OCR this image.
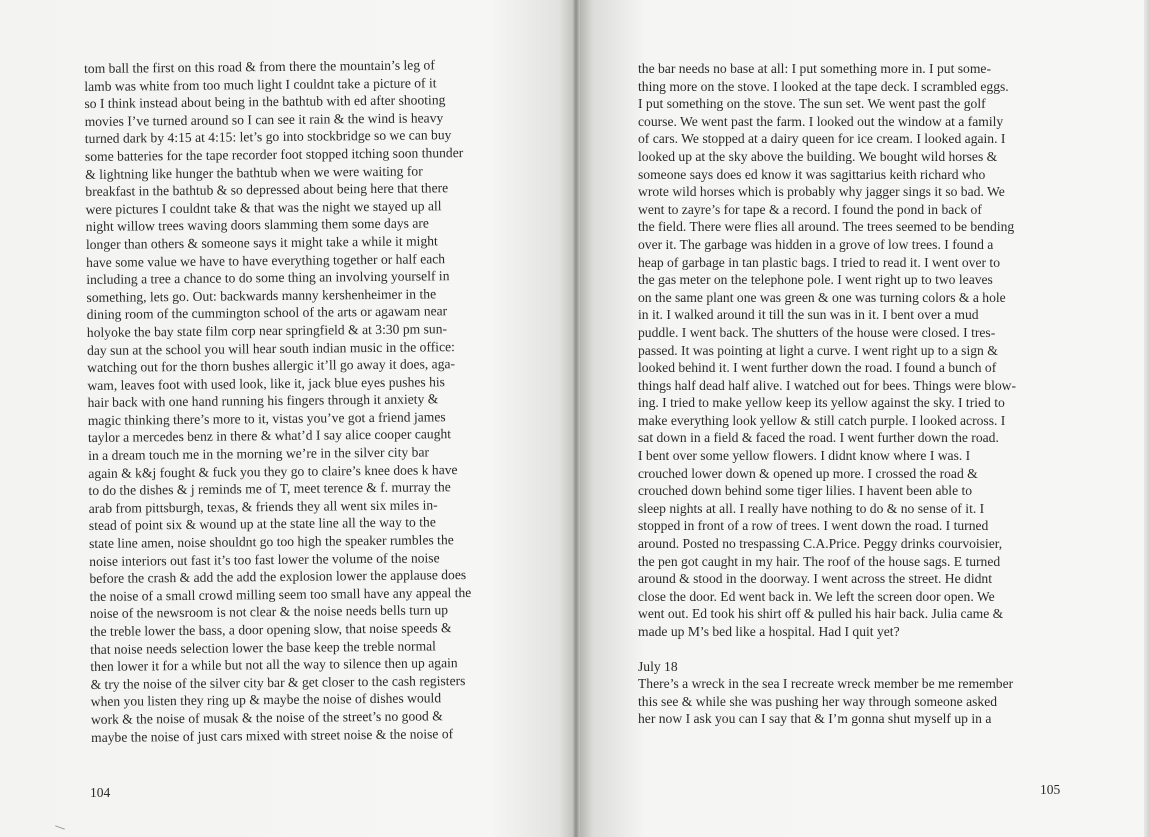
tom ball the first on this road & from there the mountain’s leg of
lamb was white from too much light I couldnt take a picture of it
so I think instead about being in the bathtub with ed after shooting
movies I’ve turned around so I can see it rain & the wind is heavy
turned dark by 4:15 at 4:15: let’s go into stockbridge so we can buy
some batteries for the tape recorder foot stopped itching soon thunder
& lightning like hunger the bathtub when we were waiting for
breakfast in the bathtub & so depressed about being here that there
were pictures I couldnt take & that was the night we stayed up all
night willow trees waving doors slamming them some days are
longer than others & someone says it might take a while it might
have some value we have to have everything together or half each
including a tree a chance to do some thing an involving yourself in
something, lets go. Out: backwards manny kershenheimer in the
dining room of the cummington school of the arts or agawam near
holyoke the bay state film corp near springfield & at 3:30 pm sun-
day sun at the school you will hear south indian music in the office:
watching out for the thorn bushes allergic it’ll go away it does, aga-
wam, leaves foot with used look, like it, jack blue eyes pushes his
hair back with one hand running his fingers through it anxiety &
magic thinking there’s more to it, vistas you’ve got a friend james
taylor a mercedes benz in there & what’d I say alice cooper caught
in a dream touch me in the morning we’re in the silver city bar
again & k&j fought & fuck you they go to claire’s knee does k have
to do the dishes & j reminds me of T, meet terence & f. murray the
arab from pittsburgh, texas, & friends they all went six miles in-
stead of point six & wound up at the state line all the way to the
state line amen, noise shouldnt go too high the speaker rumbles the
noise interiors out fast it’s too fast lower the volume of the noise
before the crash & add the add the explosion lower the applause does
the noise of a small crowd milling seem too small have any appeal the
noise of the newsroom is not clear & the noise needs bells turn up
the treble lower the bass, a door opening slow, that noise speeds &
that noise needs selection lower the base keep the treble normal
then lower it for a while but not all the way to silence then up again
& try the noise of the silver city bar & get closer to the cash registers
when you listen they ring up & maybe the noise of dishes would
work & the noise of musak & the noise of the street’s no good &
maybe the noise of just cars mixed with street noise & the noise of
104
the bar needs no base at all: I put something more in. I put some-
thing more on the stove. I looked at the tape deck. I scrambled eggs.
I put something on the stove. The sun set. We went past the golf
course. We went past the farm. I looked out the window at a family
of cars. We stopped at a dairy queen for ice cream. I looked again. I
looked up at the sky above the building. We bought wild horses &
someone says does ed know it was sagittarius keith richard who
wrote wild horses which is probably why jagger sings it so bad. We
went to zayre’s for tape & a record. I found the pond in back of
the field. There were flies all around. The trees seemed to be bending
over it. The garbage was hidden in a grove of low trees. I found a
heap of garbage in tan plastic bags. I tried to read it. I went over to
the gas meter on the telephone pole. I went right up to two leaves
on the same plant one was green & one was turning colors & a hole
in it. I walked around it till the sun was in it. I bent over a mud
puddle. I went back. The shutters of the house were closed. I tres-
passed. It was pointing at light a curve. I went right up to a sign &
looked behind it. I went further down the road. I found a bunch of
things half dead half alive. I watched out for bees. Things were blow-
ing. I tried to make yellow keep its yellow against the sky. I tried to
make everything look yellow & still catch purple. I looked across. I
sat down in a field & faced the road. I went further down the road.
I bent over some yellow flowers. I didnt know where I was. I
crouched lower down & opened up more. I crossed the road &
crouched down behind some tiger lilies. I havent been able to
sleep nights at all. I really have nothing to do & no sense of it. I
stopped in front of a row of trees. I went down the road. I turned
around. Posted no trespassing C.A.Price. Peggy drinks courvoisier,
the pen got caught in my hair. The roof of the house sags. E turned
around & stood in the doorway. I went across the street. He didnt
close the door. Ed went back in. We left the screen door open. We
went out. Ed took his shirt off & pulled his hair back. Julia came &
made up M’s bed like a hospital. Had I quit yet?
July 18
There’s a wreck in the sea I recreate wreck member be me remember
this see & while she was pushing her way through someone asked
her now I ask you can I say that & I’m gonna shut myself up in a
105
